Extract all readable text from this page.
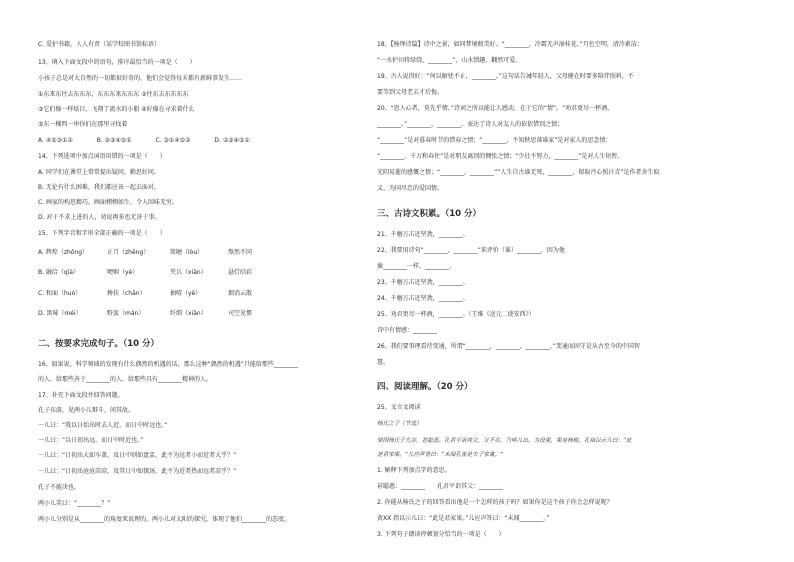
C. 爱护书籍，人人有责（某学校图书馆标语）
13、填入下面文段中的语句，排序最恰当的一项是（　　）
小孩子总是对大自然的一切都很好奇的，他们会觉得每天都有新鲜事发生……
①东来东往去东东东，东东东来东东东 ②往东去东东东东
③它们像一样炫目，飞翔了流水的小船 ④好像在寻求着什么
⑤东一棵西一串你们在那里寻找着
A. ④⑤③①②　　　　B. ②③④⑤①　　　　C. ③①④⑤②　　　　D. ②③④⑤①
14、下列选项中加点词语用错的一项是（　　）
A. 同学们在课堂上常常提出疑问，勤思好问。
B. 无论有什么困难，我们都应该一起去面对。
C. 画家的构思精巧，画面栩栩如生，令人回味无穷。
D. 对于不求上进的人，劝说再多也无济于事。
15、下列字音和字形全部正确的一项是（　　）
A. 辉煌（zhōng）	正月（zhēng）	简陋（lòu）	熬然不同
B. 融洽（qià）	哽咽（yè）	夹兵（xiān）	悬灯结彩
C. 和面（huó）	搀扶（chān）	抽噎（yē）	烟消云散
D. 黑莓（méi）	野蛮（mán）	纤细（xiān）	司空见惯
二、按要求完成句子。（10 分）
16、如果说，科学领域的发现有什么偶然的机遇的话，那么这种“偶然的机遇”只能给那些________
的人，给那些善于________的人，给那些具有________精神的人。
17、补充下面文段并回答问题。
孔子东游，见两小儿辩斗，问其故。
一儿曰：“我以日始出时去人近，而日中时远也。”
一儿曰：“以日初出远，而日中时近也。”
一儿曰：“日初出大如车盖，及日中则如盘盂，此不为远者小而近者大乎？”
一儿曰：“日初出沧沧凉凉，及其日中如探汤，此不为近者热而远者凉乎？”
孔子不能决也。
两小儿笑曰：“________？”
两小儿分别是从________的角度来说理的，两小儿对太阳的探究，体现了他们________的态度。
18、【杨绛诗篇】诗中之景，如同梦境般美好。“________，冷霜无声湿桂花。”月色空明，清冷素洁；
“一水护田将绿绕，________”，山水情趣，翻然可爱。
19、古人说得好：“何以解忧不止，________。”这句话告诫年轻人，父母健在时要多陪伴照料，不
要等到父母老去才后悔。
20、“思人心者，莫先乎情。”诗词之所以能让人感动，在于它的“情”。“劝君更尽一杯酒，
________。”________，________，表达了诗人对友人的依依惜别之情；
“________”是对暮春时节的惜春之情；“________，不知秋思落谁家”是对家人的思念情；
“________，千万和春住”是对朋友离别的惆怅之情；“少壮不努力，________”是对人生短暂、
光阴易逝的感慨之情；“________，________”“人生自古谁无死，________，留取丹心照汗青”是作者舍生取
义、为国尽忠的爱国情。
三、古诗文积累。（10 分）
21、千磨万击还坚劲，________。
22、我要用诗句“________，________”来评价（谁）________，因为他
像________一样，________。
23、千磨万击还坚劲，________。
24、千磨万击还坚劲，________。
25、劝君更尽一杯酒，________。（王维《送元二使安西》）
诗中有情感：________
26、我们要事理看待变通，所谓“________，________，________。”变通而固守是从古至今的中国智
慧。
四、阅读理解。（20 分）
25、文言文阅读
杨氏之子（节选）
梁国杨氏子九岁，甚聪惠。孔君平诣其父，父不在，乃呼儿出。为设果，果有杨梅。孔指以示儿曰：“此
是君家果。”儿应声答曰：“未闻孔雀是夫子家禽。”
1. 解释下列加点字的意思。
甚聪惠：________　　孔君平诣其父：________
2. 你能从杨氏之子的回答看出他是一个怎样的孩子吗？如果你是这个孩子你会怎样说呢？
黄XX 指以示儿曰：“此是君家果。”儿应声答曰：“未闻________。”
3. 下列句子朗读停顿划分恰当的一项是（　　）
